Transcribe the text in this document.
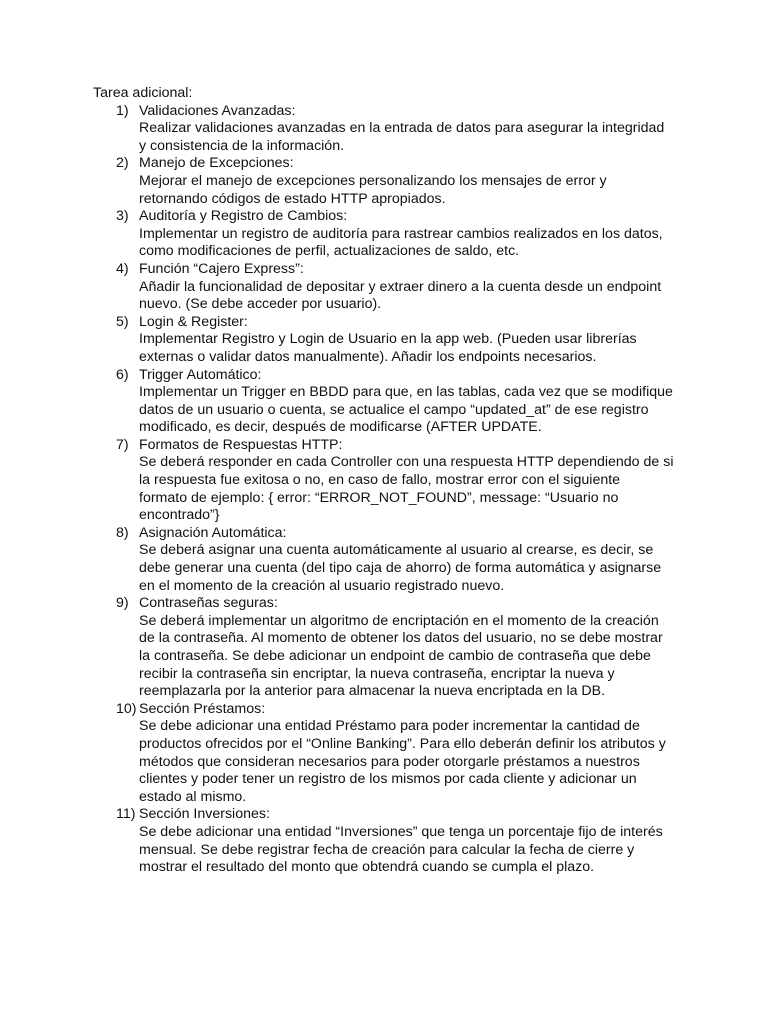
Tarea adicional:
1) Validaciones Avanzadas:
Realizar validaciones avanzadas en la entrada de datos para asegurar la integridad
y consistencia de la información.
2) Manejo de Excepciones:
Mejorar el manejo de excepciones personalizando los mensajes de error y
retornando códigos de estado HTTP apropiados.
3) Auditoría y Registro de Cambios:
Implementar un registro de auditoría para rastrear cambios realizados en los datos,
como modificaciones de perfil, actualizaciones de saldo, etc.
4) Función “Cajero Express”:
Añadir la funcionalidad de depositar y extraer dinero a la cuenta desde un endpoint
nuevo. (Se debe acceder por usuario).
5) Login & Register:
Implementar Registro y Login de Usuario en la app web. (Pueden usar librerías
externas o validar datos manualmente). Añadir los endpoints necesarios.
6) Trigger Automático:
Implementar un Trigger en BBDD para que, en las tablas, cada vez que se modifique
datos de un usuario o cuenta, se actualice el campo “updated_at” de ese registro
modificado, es decir, después de modificarse (AFTER UPDATE.
7) Formatos de Respuestas HTTP:
Se deberá responder en cada Controller con una respuesta HTTP dependiendo de si
la respuesta fue exitosa o no, en caso de fallo, mostrar error con el siguiente
formato de ejemplo: { error: “ERROR_NOT_FOUND”, message: “Usuario no
encontrado”}
8) Asignación Automática:
Se deberá asignar una cuenta automáticamente al usuario al crearse, es decir, se
debe generar una cuenta (del tipo caja de ahorro) de forma automática y asignarse
en el momento de la creación al usuario registrado nuevo.
9) Contraseñas seguras:
Se deberá implementar un algoritmo de encriptación en el momento de la creación
de la contraseña. Al momento de obtener los datos del usuario, no se debe mostrar
la contraseña. Se debe adicionar un endpoint de cambio de contraseña que debe
recibir la contraseña sin encriptar, la nueva contraseña, encriptar la nueva y
reemplazarla por la anterior para almacenar la nueva encriptada en la DB.
10) Sección Préstamos:
Se debe adicionar una entidad Préstamo para poder incrementar la cantidad de
productos ofrecidos por el “Online Banking”. Para ello deberán definir los atributos y
métodos que consideran necesarios para poder otorgarle préstamos a nuestros
clientes y poder tener un registro de los mismos por cada cliente y adicionar un
estado al mismo.
11) Sección Inversiones:
Se debe adicionar una entidad “Inversiones” que tenga un porcentaje fijo de interés
mensual. Se debe registrar fecha de creación para calcular la fecha de cierre y
mostrar el resultado del monto que obtendrá cuando se cumpla el plazo.
